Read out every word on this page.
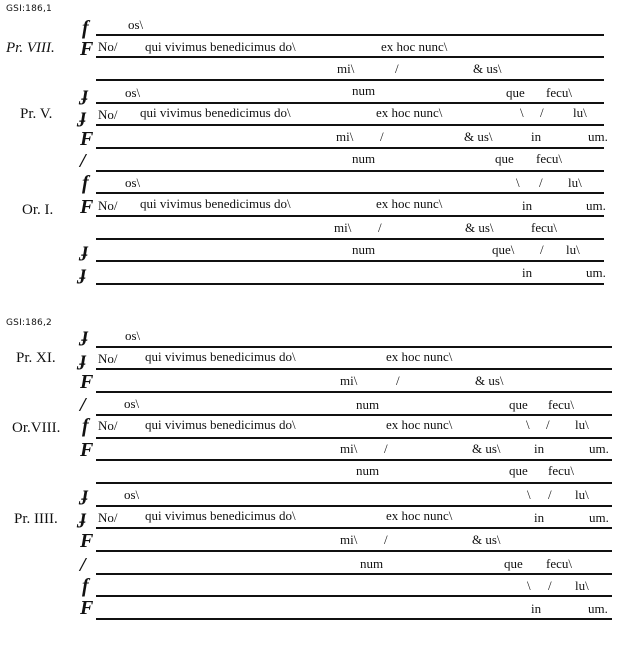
GSI:186,1
GSI:186,2
Pr. VIII.
Pr. V.
Or. I.
Pr. XI.
Or.VIII.
Pr. IIII.
f
F
ɟ
ɟ
F
/
f
F
ɟ
ɟ
ɟ
ɟ
F
/
f
F
ɟ
ɟ
F
/
f
F
os\
No/ qui vivimus benedicimus do\	ex hoc nunc\
mi\	/	& us\
os\	num	que fecu\
No/ qui vivimus benedicimus do\	ex hoc nunc\	\ / lu\
mi\ /	& us\	in	um.
num	que fecu\
os\	\ / lu\
No/ qui vivimus benedicimus do\	ex hoc nunc\	in	um.
mi\ /	& us\	fecu\
num	que\ / lu\
in	um.
os\
No/ qui vivimus benedicimus do\	ex hoc nunc\
mi\	/	& us\
os\	num	que fecu\
No/ qui vivimus benedicimus do\	ex hoc nunc\	\ / lu\
mi\ /	& us\	in	um.
num	que fecu\
os\	\ / lu\
No/ qui vivimus benedicimus do\	ex hoc nunc\	in	um.
mi\ /	& us\
num	que fecu\
\ / lu\
in	um.
